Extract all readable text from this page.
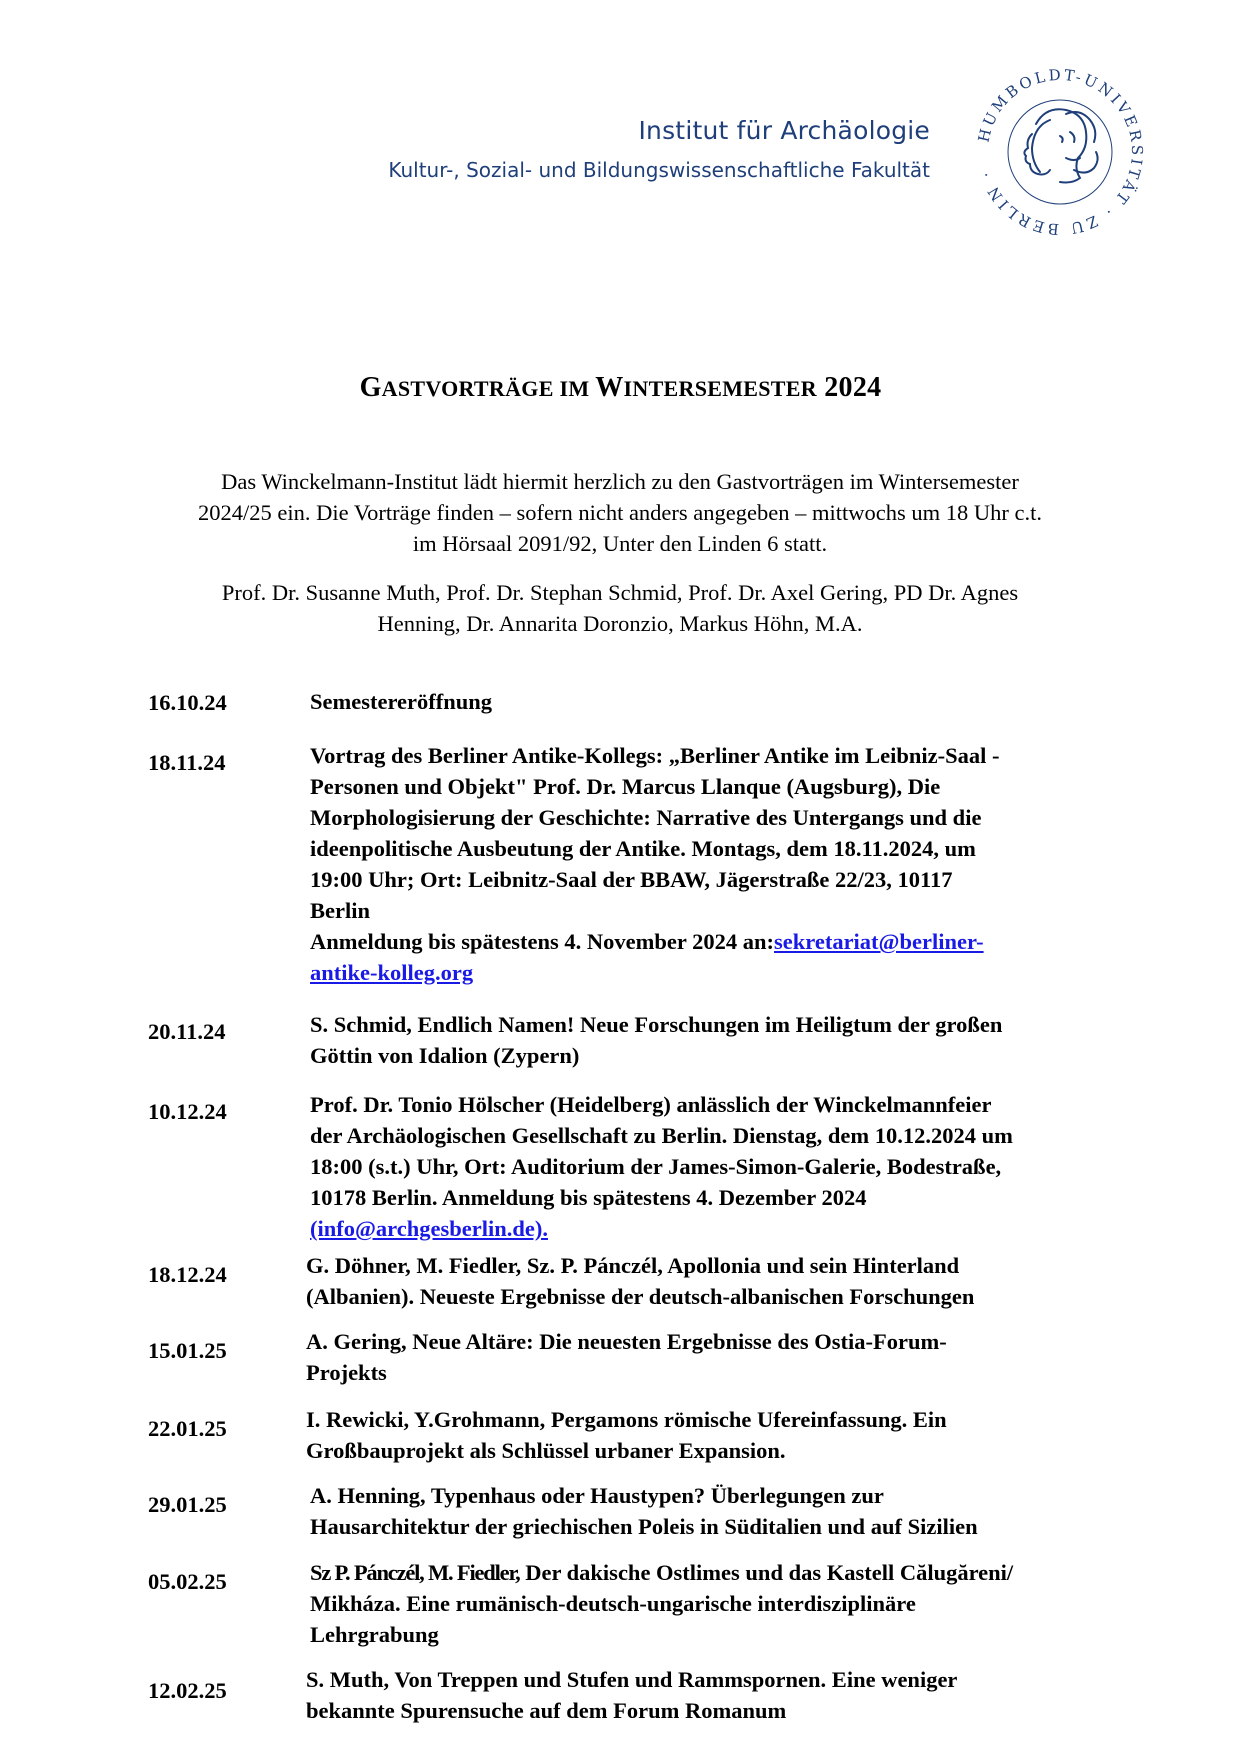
Institut für Archäologie
Kultur-, Sozial- und Bildungswissenschaftliche Fakultät
HUMBOLDT-UNIVERSITÄT · ZU BERLIN ·
GASTVORTRÄGE IM WINTERSEMESTER 2024
Das Winckelmann-Institut lädt hiermit herzlich zu den Gastvorträgen im Wintersemester
2024/25 ein. Die Vorträge finden – sofern nicht anders angegeben – mittwochs um 18 Uhr c.t.
im Hörsaal 2091/92, Unter den Linden 6 statt.
Prof. Dr. Susanne Muth, Prof. Dr. Stephan Schmid, Prof. Dr. Axel Gering, PD Dr. Agnes
Henning, Dr. Annarita Doronzio, Markus Höhn, M.A.
16.10.24	Semestereröffnung
18.11.24	Vortrag des Berliner Antike-Kollegs: „Berliner Antike im Leibniz-Saal -
Personen und Objekt" Prof. Dr. Marcus Llanque (Augsburg), Die
Morphologisierung der Geschichte: Narrative des Untergangs und die
ideenpolitische Ausbeutung der Antike. Montags, dem 18.11.2024, um
19:00 Uhr; Ort: Leibnitz-Saal der BBAW, Jägerstraße 22/23, 10117
Berlin
Anmeldung bis spätestens 4. November 2024 an:sekretariat@berliner-
antike-kolleg.org
20.11.24	S. Schmid, Endlich Namen! Neue Forschungen im Heiligtum der großen
Göttin von Idalion (Zypern)
10.12.24	Prof. Dr. Tonio Hölscher (Heidelberg) anlässlich der Winckelmannfeier
der Archäologischen Gesellschaft zu Berlin. Dienstag, dem 10.12.2024 um
18:00 (s.t.) Uhr, Ort: Auditorium der James-Simon-Galerie, Bodestraße,
10178 Berlin. Anmeldung bis spätestens 4. Dezember 2024
(info@archgesberlin.de).
18.12.24	G. Döhner, M. Fiedler, Sz. P. Pánczél, Apollonia und sein Hinterland
(Albanien). Neueste Ergebnisse der deutsch-albanischen Forschungen
15.01.25	A. Gering, Neue Altäre: Die neuesten Ergebnisse des Ostia-Forum-
Projekts
22.01.25	I. Rewicki, Y.Grohmann, Pergamons römische Ufereinfassung. Ein
Großbauprojekt als Schlüssel urbaner Expansion.
29.01.25	A. Henning, Typenhaus oder Haustypen? Überlegungen zur
Hausarchitektur der griechischen Poleis in Süditalien und auf Sizilien
05.02.25	Sz P. Pánczél, M. Fiedler, Der dakische Ostlimes und das Kastell Călugăreni/
Mikháza. Eine rumänisch-deutsch-ungarische interdisziplinäre
Lehrgrabung
12.02.25	S. Muth, Von Treppen und Stufen und Rammspornen. Eine weniger
bekannte Spurensuche auf dem Forum Romanum
